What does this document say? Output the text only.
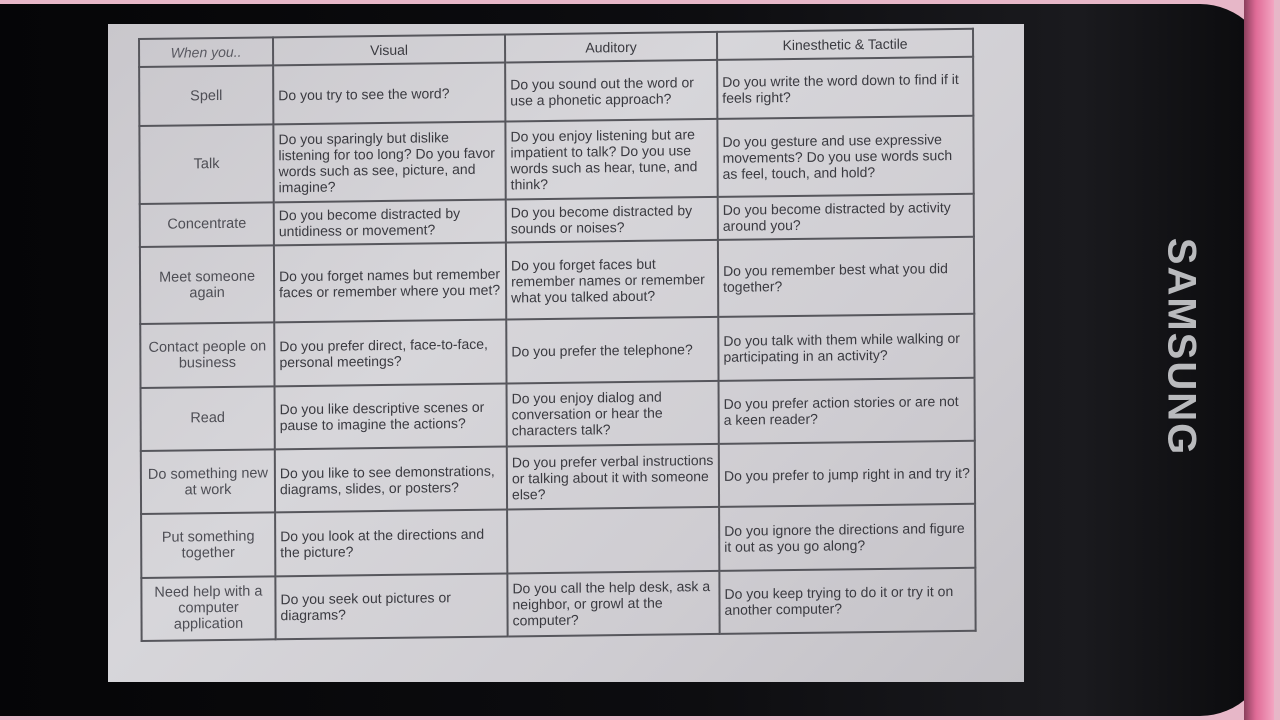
SAMSUNG
When you..	Visual	Auditory	Kinesthetic & Tactile
Spell	Do you try to see the word?	Do you sound out the word or use a phonetic approach?	Do you write the word down to find if it feels right?
Talk	Do you sparingly but dislike listening for too long? Do you favor words such as see, picture, and imagine?	Do you enjoy listening but are impatient to talk? Do you use words such as hear, tune, and think?	Do you gesture and use expressive movements? Do you use words such as feel, touch, and hold?
Concentrate	Do you become distracted by untidiness or movement?	Do you become distracted by sounds or noises?	Do you become distracted by activity around you?
Meet someone again	Do you forget names but remember faces or remember where you met?	Do you forget faces but remember names or remember what you talked about?	Do you remember best what you did together?
Contact people on business	Do you prefer direct, face-to-face, personal meetings?	Do you prefer the telephone?	Do you talk with them while walking or participating in an activity?
Read	Do you like descriptive scenes or pause to imagine the actions?	Do you enjoy dialog and conversation or hear the characters talk?	Do you prefer action stories or are not a keen reader?
Do something new at work	Do you like to see demonstrations, diagrams, slides, or posters?	Do you prefer verbal instructions or talking about it with someone else?	Do you prefer to jump right in and try it?
Put something together	Do you look at the directions and the picture?		Do you ignore the directions and figure it out as you go along?
Need help with a computer application	Do you seek out pictures or diagrams?	Do you call the help desk, ask a neighbor, or growl at the computer?	Do you keep trying to do it or try it on another computer?
